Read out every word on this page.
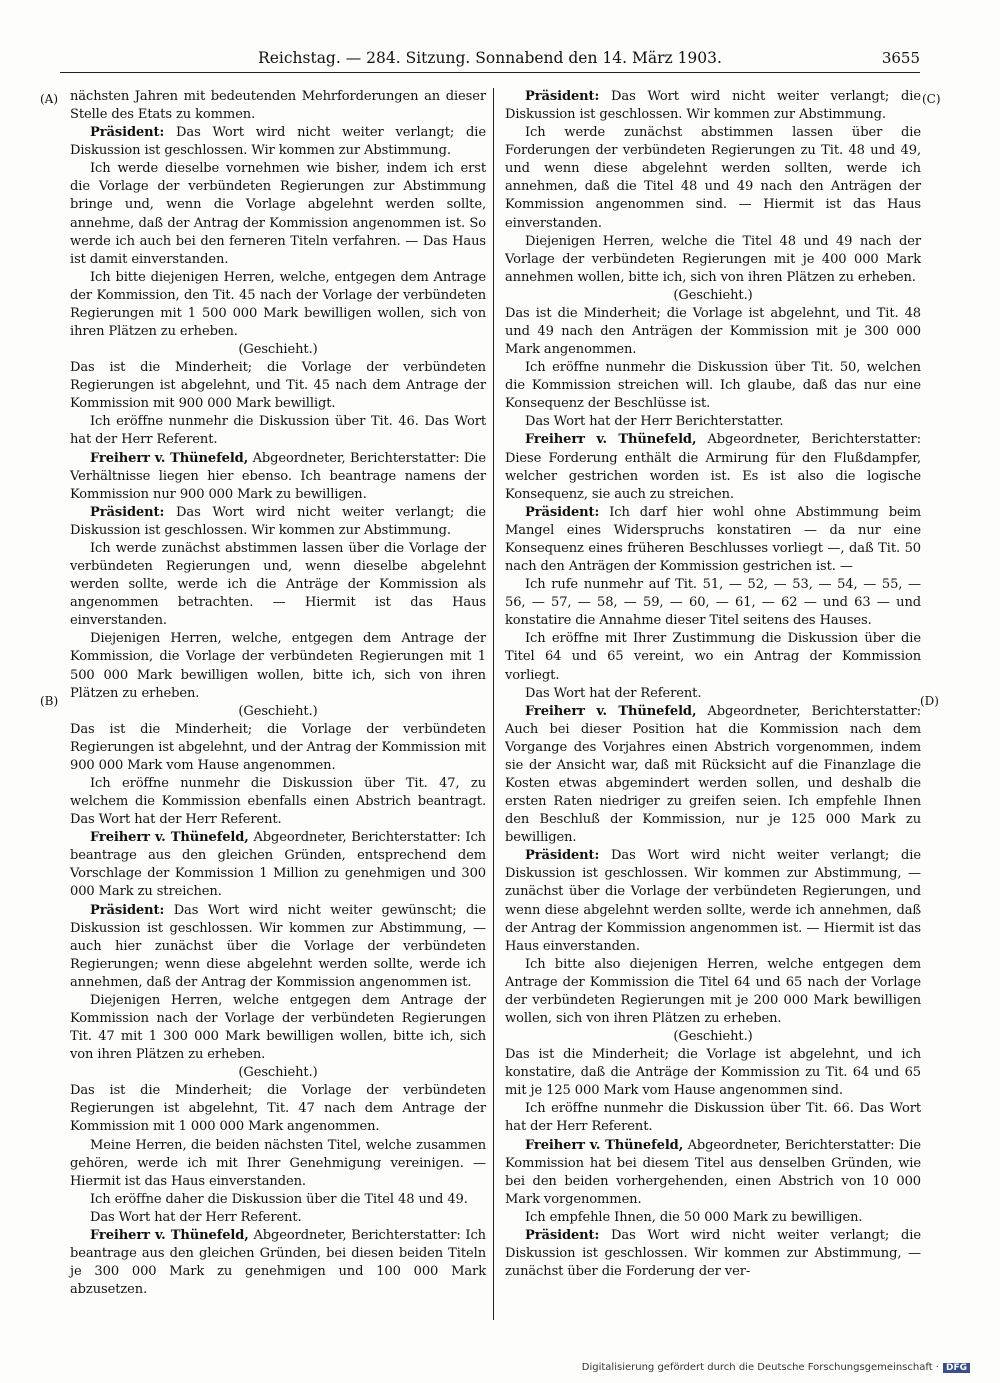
Reichstag. — 284. Sitzung. Sonnabend den 14. März 1903.	3655
(A)
(B)
(C)
(D)

nächsten Jahren mit bedeutenden Mehrforderungen an dieser Stelle des Etats zu kommen.

Präsident: Das Wort wird nicht weiter verlangt; die Diskussion ist geschlossen. Wir kommen zur Abstimmung.

Ich werde dieselbe vornehmen wie bisher, indem ich erst die Vorlage der verbündeten Regierungen zur Abstimmung bringe und, wenn die Vorlage abgelehnt werden sollte, annehme, daß der Antrag der Kommission angenommen ist. So werde ich auch bei den ferneren Titeln verfahren. — Das Haus ist damit einverstanden.

Ich bitte diejenigen Herren, welche, entgegen dem Antrage der Kommission, den Tit. 45 nach der Vorlage der verbündeten Regierungen mit 1 500 000 Mark bewilligen wollen, sich von ihren Plätzen zu erheben.

(Geschieht.)

Das ist die Minderheit; die Vorlage der verbündeten Regierungen ist abgelehnt, und Tit. 45 nach dem Antrage der Kommission mit 900 000 Mark bewilligt.

Ich eröffne nunmehr die Diskussion über Tit. 46. Das Wort hat der Herr Referent.

Freiherr v. Thünefeld, Abgeordneter, Berichterstatter: Die Verhältnisse liegen hier ebenso. Ich beantrage namens der Kommission nur 900 000 Mark zu bewilligen.

Präsident: Das Wort wird nicht weiter verlangt; die Diskussion ist geschlossen. Wir kommen zur Abstimmung.

Ich werde zunächst abstimmen lassen über die Vorlage der verbündeten Regierungen und, wenn dieselbe abgelehnt werden sollte, werde ich die Anträge der Kommission als angenommen betrachten. — Hiermit ist das Haus einverstanden.

Diejenigen Herren, welche, entgegen dem Antrage der Kommission, die Vorlage der verbündeten Regierungen mit 1 500 000 Mark bewilligen wollen, bitte ich, sich von ihren Plätzen zu erheben.

(Geschieht.)

Das ist die Minderheit; die Vorlage der verbündeten Regierungen ist abgelehnt, und der Antrag der Kommission mit 900 000 Mark vom Hause angenommen.

Ich eröffne nunmehr die Diskussion über Tit. 47, zu welchem die Kommission ebenfalls einen Abstrich beantragt. Das Wort hat der Herr Referent.

Freiherr v. Thünefeld, Abgeordneter, Berichterstatter: Ich beantrage aus den gleichen Gründen, entsprechend dem Vorschlage der Kommission 1 Million zu genehmigen und 300 000 Mark zu streichen.

Präsident: Das Wort wird nicht weiter gewünscht; die Diskussion ist geschlossen. Wir kommen zur Abstimmung, — auch hier zunächst über die Vorlage der verbündeten Regierungen; wenn diese abgelehnt werden sollte, werde ich annehmen, daß der Antrag der Kommission angenommen ist.

Diejenigen Herren, welche entgegen dem Antrage der Kommission nach der Vorlage der verbündeten Regierungen Tit. 47 mit 1 300 000 Mark bewilligen wollen, bitte ich, sich von ihren Plätzen zu erheben.

(Geschieht.)

Das ist die Minderheit; die Vorlage der verbündeten Regierungen ist abgelehnt, Tit. 47 nach dem Antrage der Kommission mit 1 000 000 Mark angenommen.

Meine Herren, die beiden nächsten Titel, welche zusammen gehören, werde ich mit Ihrer Genehmigung vereinigen. — Hiermit ist das Haus einverstanden.

Ich eröffne daher die Diskussion über die Titel 48 und 49.

Das Wort hat der Herr Referent.

Freiherr v. Thünefeld, Abgeordneter, Berichterstatter: Ich beantrage aus den gleichen Gründen, bei diesen beiden Titeln je 300 000 Mark zu genehmigen und 100 000 Mark abzusetzen.

Präsident: Das Wort wird nicht weiter verlangt; die Diskussion ist geschlossen. Wir kommen zur Abstimmung.

Ich werde zunächst abstimmen lassen über die Forderungen der verbündeten Regierungen zu Tit. 48 und 49, und wenn diese abgelehnt werden sollten, werde ich annehmen, daß die Titel 48 und 49 nach den Anträgen der Kommission angenommen sind. — Hiermit ist das Haus einverstanden.

Diejenigen Herren, welche die Titel 48 und 49 nach der Vorlage der verbündeten Regierungen mit je 400 000 Mark annehmen wollen, bitte ich, sich von ihren Plätzen zu erheben.

(Geschieht.)

Das ist die Minderheit; die Vorlage ist abgelehnt, und Tit. 48 und 49 nach den Anträgen der Kommission mit je 300 000 Mark angenommen.

Ich eröffne nunmehr die Diskussion über Tit. 50, welchen die Kommission streichen will. Ich glaube, daß das nur eine Konsequenz der Beschlüsse ist.

Das Wort hat der Herr Berichterstatter.

Freiherr v. Thünefeld, Abgeordneter, Berichterstatter: Diese Forderung enthält die Armirung für den Flußdampfer, welcher gestrichen worden ist. Es ist also die logische Konsequenz, sie auch zu streichen.

Präsident: Ich darf hier wohl ohne Abstimmung beim Mangel eines Widerspruchs konstatiren — da nur eine Konsequenz eines früheren Beschlusses vorliegt —, daß Tit. 50 nach den Anträgen der Kommission gestrichen ist. —

Ich rufe nunmehr auf Tit. 51, — 52, — 53, — 54, — 55, — 56, — 57, — 58, — 59, — 60, — 61, — 62 — und 63 — und konstatire die Annahme dieser Titel seitens des Hauses.

Ich eröffne mit Ihrer Zustimmung die Diskussion über die Titel 64 und 65 vereint, wo ein Antrag der Kommission vorliegt.

Das Wort hat der Referent.

Freiherr v. Thünefeld, Abgeordneter, Berichterstatter: Auch bei dieser Position hat die Kommission nach dem Vorgange des Vorjahres einen Abstrich vorgenommen, indem sie der Ansicht war, daß mit Rücksicht auf die Finanzlage die Kosten etwas abgemindert werden sollen, und deshalb die ersten Raten niedriger zu greifen seien. Ich empfehle Ihnen den Beschluß der Kommission, nur je 125 000 Mark zu bewilligen.

Präsident: Das Wort wird nicht weiter verlangt; die Diskussion ist geschlossen. Wir kommen zur Abstimmung, — zunächst über die Vorlage der verbündeten Regierungen, und wenn diese abgelehnt werden sollte, werde ich annehmen, daß der Antrag der Kommission angenommen ist. — Hiermit ist das Haus einverstanden.

Ich bitte also diejenigen Herren, welche entgegen dem Antrage der Kommission die Titel 64 und 65 nach der Vorlage der verbündeten Regierungen mit je 200 000 Mark bewilligen wollen, sich von ihren Plätzen zu erheben.

(Geschieht.)

Das ist die Minderheit; die Vorlage ist abgelehnt, und ich konstatire, daß die Anträge der Kommission zu Tit. 64 und 65 mit je 125 000 Mark vom Hause angenommen sind.

Ich eröffne nunmehr die Diskussion über Tit. 66. Das Wort hat der Herr Referent.

Freiherr v. Thünefeld, Abgeordneter, Berichterstatter: Die Kommission hat bei diesem Titel aus denselben Gründen, wie bei den beiden vorhergehenden, einen Abstrich von 10 000 Mark vorgenommen.

Ich empfehle Ihnen, die 50 000 Mark zu bewilligen.

Präsident: Das Wort wird nicht weiter verlangt; die Diskussion ist geschlossen. Wir kommen zur Abstimmung, — zunächst über die Forderung der ver-

Digitalisierung gefördert durch die Deutsche Forschungsgemeinschaft · DFG
